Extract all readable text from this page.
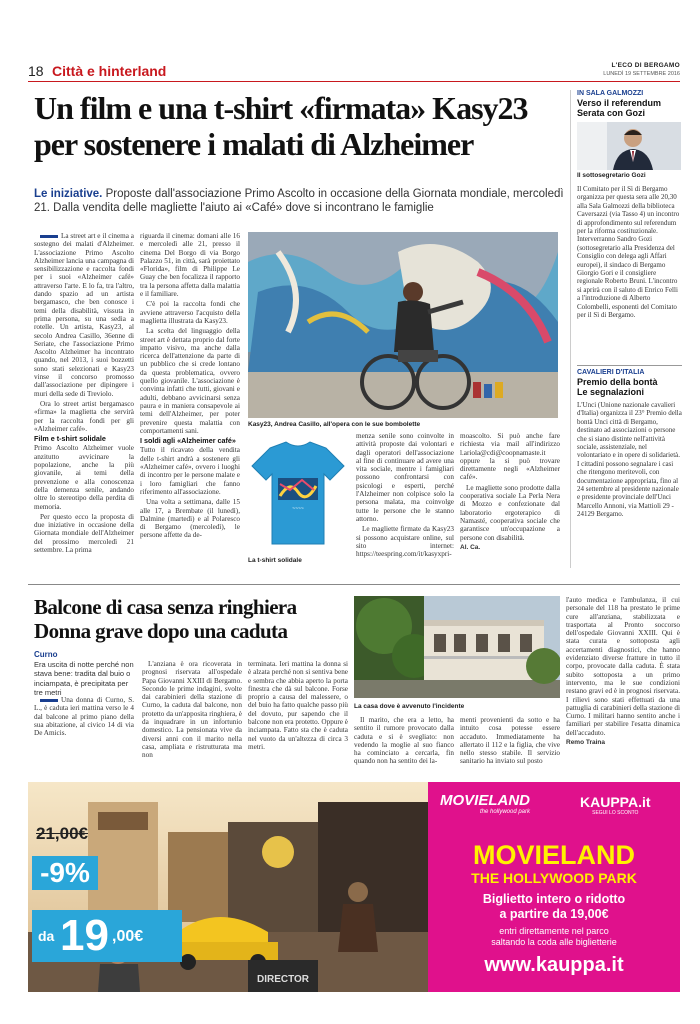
18 Città e hinterland	L'ECO DI BERGAMO
LUNEDÌ 19 SETTEMBRE 2016
Un film e una t-shirt «firmata» Kasy23
per sostenere i malati di Alzheimer
Le iniziative. Proposte dall'associazione Primo Ascolto in occasione della Giornata mondiale, mercoledì 21. Dalla vendita delle magliette l'aiuto ai «Café» dove si incontrano le famiglie

La street art e il cinema a sostegno dei malati d'Alzheimer. L'associazione Primo Ascolto Alzheimer lancia una campagna di sensibilizzazione e raccolta fondi per i suoi «Alzheimer café» attraverso l'arte. E lo fa, tra l'altro, dando spazio ad un artista bergamasco, che ben conosce i temi della disabilità, vissuta in prima persona, su una sedia a rotelle. Un artista, Kasy23, al secolo Andrea Casillo, 36enne di Seriate, che l'associazione Primo Ascolto Alzheimer ha incontrato quando, nel 2013, i suoi bozzetti sono stati selezionati e Kasy23 vinse il concorso promosso dall'associazione per dipingere i muri della sede di Treviolo.

Ora lo street artist bergamasco «firma» la maglietta che servirà per la raccolta fondi per gli «Alzheimer café».

Film e t-shirt solidale

Primo Ascolto Alzheimer vuole anzitutto avvicinare la popolazione, anche la più giovanile, ai temi della prevenzione e alla conoscenza della demenza senile, andando oltre lo stereotipo della perdita di memoria.

Per questo ecco la proposta di due iniziative in occasione della Giornata mondiale dell'Alzheimer del prossimo mercoledì 21 settembre. La prima

riguarda il cinema: domani alle 16 e mercoledì alle 21, presso il cinema Del Borgo di via Borgo Palazzo 51, in città, sarà proiettato «Florida», film di Philippe Le Guay che ben focalizza il rapporto tra la persona affetta dalla malattia e il familiare.

C'è poi la raccolta fondi che avviene attraverso l'acquisto della maglietta illustrata da Kasy23.

La scelta del linguaggio della street art è dettata proprio dal forte impatto visivo, ma anche dalla ricerca dell'attenzione da parte di un pubblico che si crede lontano da questa problematica, ovvero quello giovanile. L'associazione è convinta infatti che tutti, giovani e adulti, debbano avvicinarsi senza paura e in maniera consapevole ai temi dell'Alzheimer, per poter prevenire questa malattia con comportamenti sani.

I soldi agli «Alzheimer café»

Tutto il ricavato della vendita delle t-shirt andrà a sostenere gli «Alzheimer café», ovvero i luoghi di incontro per le persone malate e i loro famigliari che fanno riferimento all'associazione.

Una volta a settimana, dalle 15 alle 17, a Brembate (il lunedì), Dalmine (martedì) e al Polaresco di Bergamo (mercoledì), le persone affette da de-

Kasy23, Andrea Casillo, all'opera con le sue bombolette
~~~~
La t-shirt solidale

menza senile sono coinvolte in attività proposte dai volontari e dagli operatori dell'associazione al fine di continuare ad avere una vita sociale, mentre i famigliari possono confrontarsi con psicologi e esperti, perché l'Alzheimer non colpisce solo la persona malata, ma coinvolge tutte le persone che le stanno attorno.

Le magliette firmate da Kasy23 si possono acquistare online, sul sito internet: https://teespring.com/it/kasyxpri-

moascolto. Si può anche fare richiesta via mail all'indirizzo l.ariola@cdi@coopnamaste.it oppure la si può trovare direttamente negli «Alzheimer café».

Le magliette sono prodotte dalla cooperativa sociale La Perla Nera di Mozzo e confezionate dal laboratorio ergoterapico di Namasté, cooperativa sociale che garantisce un'occupazione a persone con disabilità.

Al. Ca.
IN SALA GALMOZZI
Verso il referendum
Serata con Gozi
Il sottosegretario Gozi
Il Comitato per il Sì di Bergamo organizza per questa sera alle 20,30 alla Sala Galmozzi della biblioteca Caversazzi (via Tasso 4) un incontro di approfondimento sul referendum per la riforma costituzionale. Interverranno Sandro Gozi (sottosegretario alla Presidenza del Consiglio con delega agli Affari europei), il sindaco di Bergamo Giorgio Gori e il consigliere regionale Roberto Bruni. L'incontro si aprirà con il saluto di Enrico Felli a l'introduzione di Alberto Colombelli, esponenti del Comitato per il Sì di Bergamo.
CAVALIERI D'ITALIA
Premio della bontà
Le segnalazioni
L'Unci (Unione nazionale cavalieri d'Italia) organizza il 23° Premio della bontà Unci città di Bergamo, destinato ad associazioni o persone che si siano distinte nell'attività sociale, assistenziale, nel volontariato e in opere di solidarietà. I cittadini possono segnalare i casi che ritengono meritevoli, con documentazione appropriata, fino al 24 settembre al presidente nazionale e presidente provinciale dell'Unci Marcello Annoni, via Mattioli 29 - 24129 Bergamo.
Balcone di casa senza ringhiera
Donna grave dopo una caduta
Curno
Era uscita di notte perché non stava bene: tradita dal buio o inciampata, è precipitata per tre metri

Una donna di Curno, S. L., è caduta ieri mattina verso le 4 dal balcone al primo piano della sua abitazione, al civico 14 di via De Amicis.

L'anziana è ora ricoverata in prognosi riservata all'ospedale Papa Giovanni XXIII di Bergamo. Secondo le prime indagini, svolte dai carabinieri della stazione di Curno, la caduta dal balcone, non protetto da un'apposita ringhiera, è da inquadrare in un infortunio domestico. La pensionata vive da diversi anni con il marito nella casa, ampliata e ristrutturata ma non

terminata. Ieri mattina la donna si è alzata perché non si sentiva bene e sembra che abbia aperto la porta finestra che dà sul balcone. Forse proprio a causa del malessere, o del buio ha fatto qualche passo più del dovuto, pur sapendo che il balcone non era protetto. Oppure è inciampata. Fatto sta che è caduta nel vuoto da un'altezza di circa 3 metri.

La casa dove è avvenuto l'incidente

Il marito, che era a letto, ha sentito il rumore provocato dalla caduta e si è svegliato: non vedendo la moglie al suo fianco ha cominciato a cercarla, fin quando non ha sentito dei la-

menti provenienti da sotto e ha intuito cosa potesse essere accaduto. Immediatamente ha allertato il 112 e la figlia, che vive nello stesso stabile. Il servizio sanitario ha inviato sul posto

l'auto medica e l'ambulanza, il cui personale del 118 ha prestato le prime cure all'anziana, stabilizzata e trasportata al Pronto soccorso dell'ospedale Giovanni XXIII. Qui è stata curata e sottoposta agli accertamenti diagnostici, che hanno evidenziato diverse fratture in tutto il corpo, provocate dalla caduta. È stata subito sottoposta a un primo intervento, ma le sue condizioni restano gravi ed è in prognosi riservata. I rilievi sono stati effettuati da una pattuglia di carabinieri della stazione di Curno. I militari hanno sentito anche i familiari per stabilire l'esatta dinamica dell'accaduto.

Remo Traina
DIRECTOR
21,00€
-9%
da 19 ,00€
MOVIELAND
the hollywood park
KAUPPA.it
SEGUI LO SCONTO
MOVIELAND
THE HOLLYWOOD PARK
Biglietto intero o ridotto
a partire da 19,00€
entri direttamente nel parco
saltando la coda alle biglietterie
www.kauppa.it
